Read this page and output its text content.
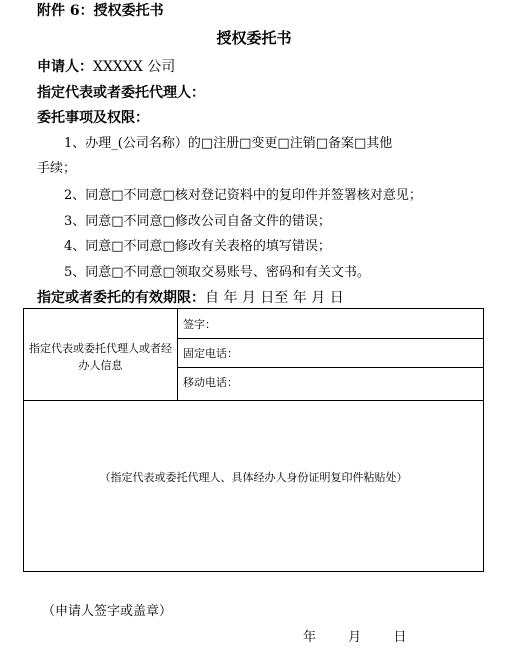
附件 6：授权委托书
授权委托书
申请人：XXXXX 公司
指定代表或者委托代理人：
委托事项及权限：
1、办理_(公司名称）的□注册□变更□注销□备案□其他
手续；
2、同意□不同意□核对登记资料中的复印件并签署核对意见；
3、同意□不同意□修改公司自备文件的错误；
4、同意□不同意□修改有关表格的填写错误；
5、同意□不同意□领取交易账号、密码和有关文书。
指定或者委托的有效期限：自 年 月 日至 年 月 日
指定代表或委托代理人或者经办人信息
签字：
固定电话：
移动电话：
（指定代表或委托代理人、具体经办人身份证明复印件粘贴处）
（申请人签字或盖章）
年 月 日
